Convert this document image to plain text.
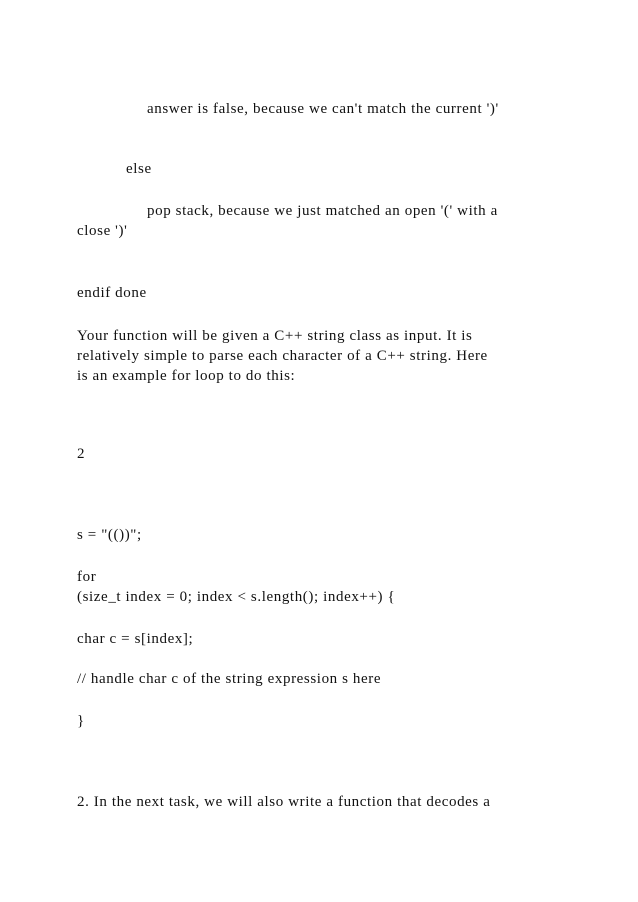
answer is false, because we can't match the current ')'
else
pop stack, because we just matched an open '(' with a
close ')'
endif done
Your function will be given a C++ string class as input. It is
relatively simple to parse each character of a C++ string. Here
is an example for loop to do this:
2
s = "(())";
for
(size_t index = 0; index < s.length(); index++) {
char c = s[index];
// handle char c of the string expression s here
}
2. In the next task, we will also write a function that decodes a
